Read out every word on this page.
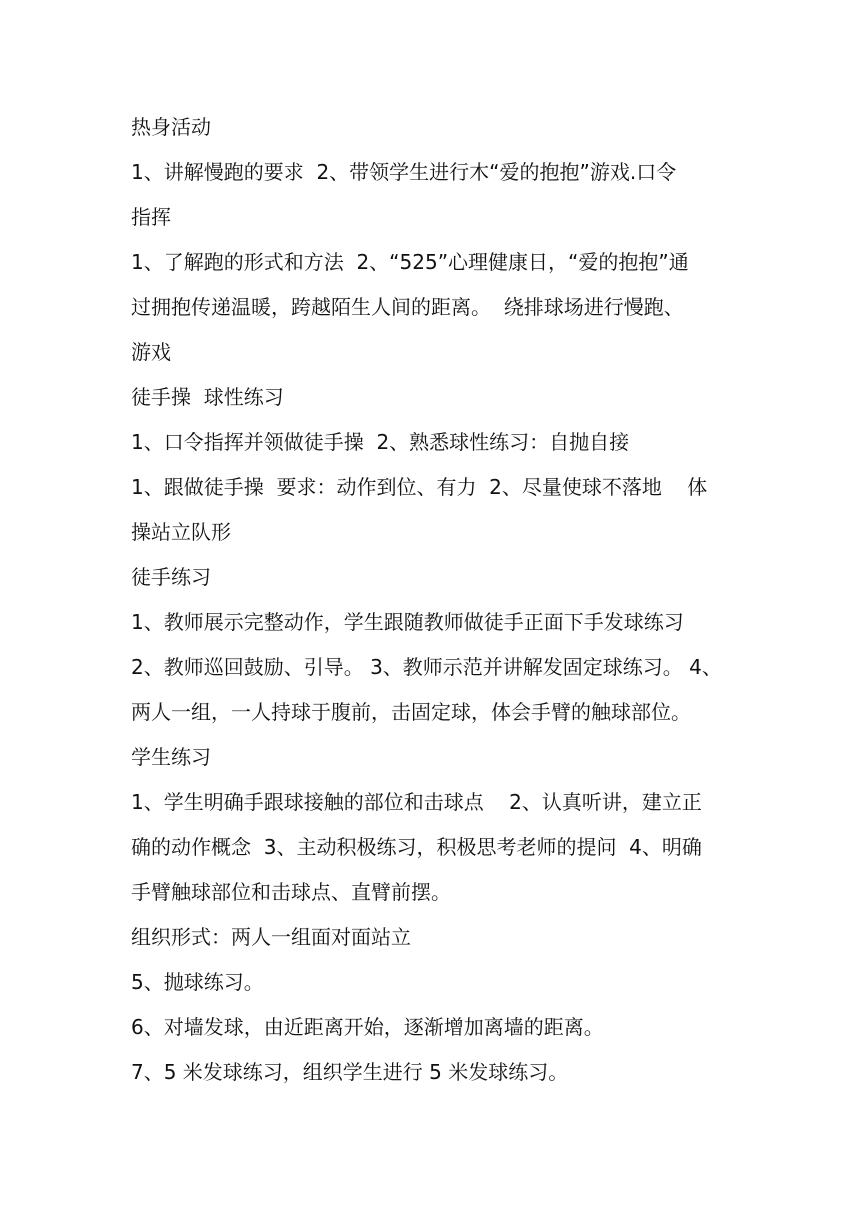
热身活动
1、讲解慢跑的要求  2、带领学生进行木“爱的抱抱”游戏.口令
指挥
1、了解跑的形式和方法  2、“525”心理健康日，“爱的抱抱”通
过拥抱传递温暖，跨越陌生人间的距离。  绕排球场进行慢跑、
游戏
徒手操  球性练习
1、口令指挥并领做徒手操  2、熟悉球性练习：自抛自接
1、跟做徒手操  要求：动作到位、有力  2、尽量使球不落地    体
操站立队形
徒手练习
1、教师展示完整动作，学生跟随教师做徒手正面下手发球练习
2、教师巡回鼓励、引导。 3、教师示范并讲解发固定球练习。 4、
两人一组，一人持球于腹前，击固定球，体会手臂的触球部位。
学生练习
1、学生明确手跟球接触的部位和击球点    2、认真听讲，建立正
确的动作概念  3、主动积极练习，积极思考老师的提问  4、明确
手臂触球部位和击球点、直臂前摆。
组织形式：两人一组面对面站立
5、抛球练习。
6、对墙发球，由近距离开始，逐渐增加离墙的距离。
7、5 米发球练习，组织学生进行 5 米发球练习。
